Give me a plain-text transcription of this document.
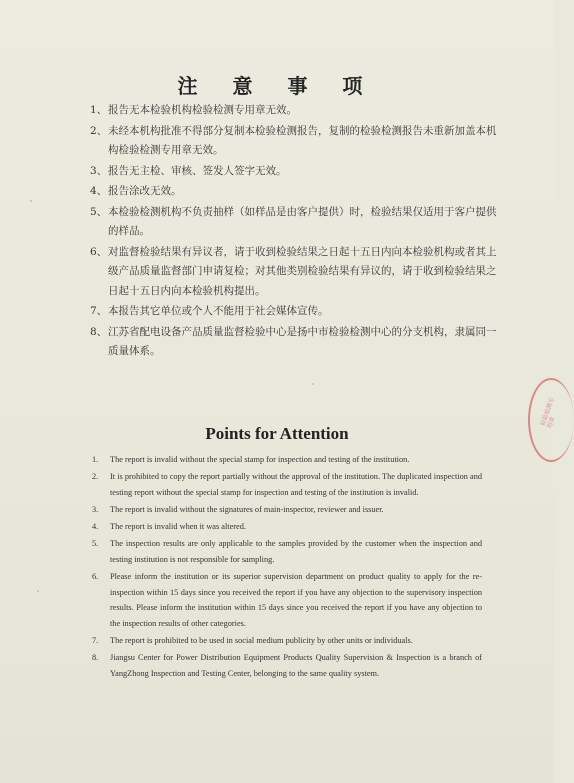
注 意 事 项
1、 报告无本检验机构检验检测专用章无效。
2、 未经本机构批准不得部分复制本检验检测报告，复制的检验检测报告未重新加盖本机构检验检测专用章无效。
3、 报告无主检、审核、签发人签字无效。
4、 报告涂改无效。
5、 本检验检测机构不负责抽样（如样品是由客户提供）时，检验结果仅适用于客户提供的样品。
6、 对监督检验结果有异议者，请于收到检验结果之日起十五日内向本检验机构或者其上级产品质量监督部门申请复检；对其他类别检验结果有异议的，请于收到检验结果之日起十五日内向本检验机构提出。
7、 本报告其它单位或个人不能用于社会媒体宣传。
8、 江苏省配电设备产品质量监督检验中心是扬中市检验检测中心的分支机构，隶属同一质量体系。
检验检测专用章
Points for Attention
1. The report is invalid without the special stamp for inspection and testing of the institution.
2. It is prohibited to copy the report partially without the approval of the institution. The duplicated inspection and testing report without the special stamp for inspection and testing of the institution is invalid.
3. The report is invalid without the signatures of main-inspector, reviewer and issuer.
4. The report is invalid when it was altered.
5. The inspection results are only applicable to the samples provided by the customer when the inspection and testing institution is not responsible for sampling.
6. Please inform the institution or its superior supervision department on product quality to apply for the re-inspection within 15 days since you received the report if you have any objection to the supervisory inspection results. Please inform the institution within 15 days since you received the report if you have any objection to the inspection results of other categories.
7. The report is prohibited to be used in social medium publicity by other units or individuals.
8. Jiangsu Center for Power Distribution Equipment Products Quality Supervision & Inspection is a branch of YangZhong Inspection and Testing Center, belonging to the same quality system.
